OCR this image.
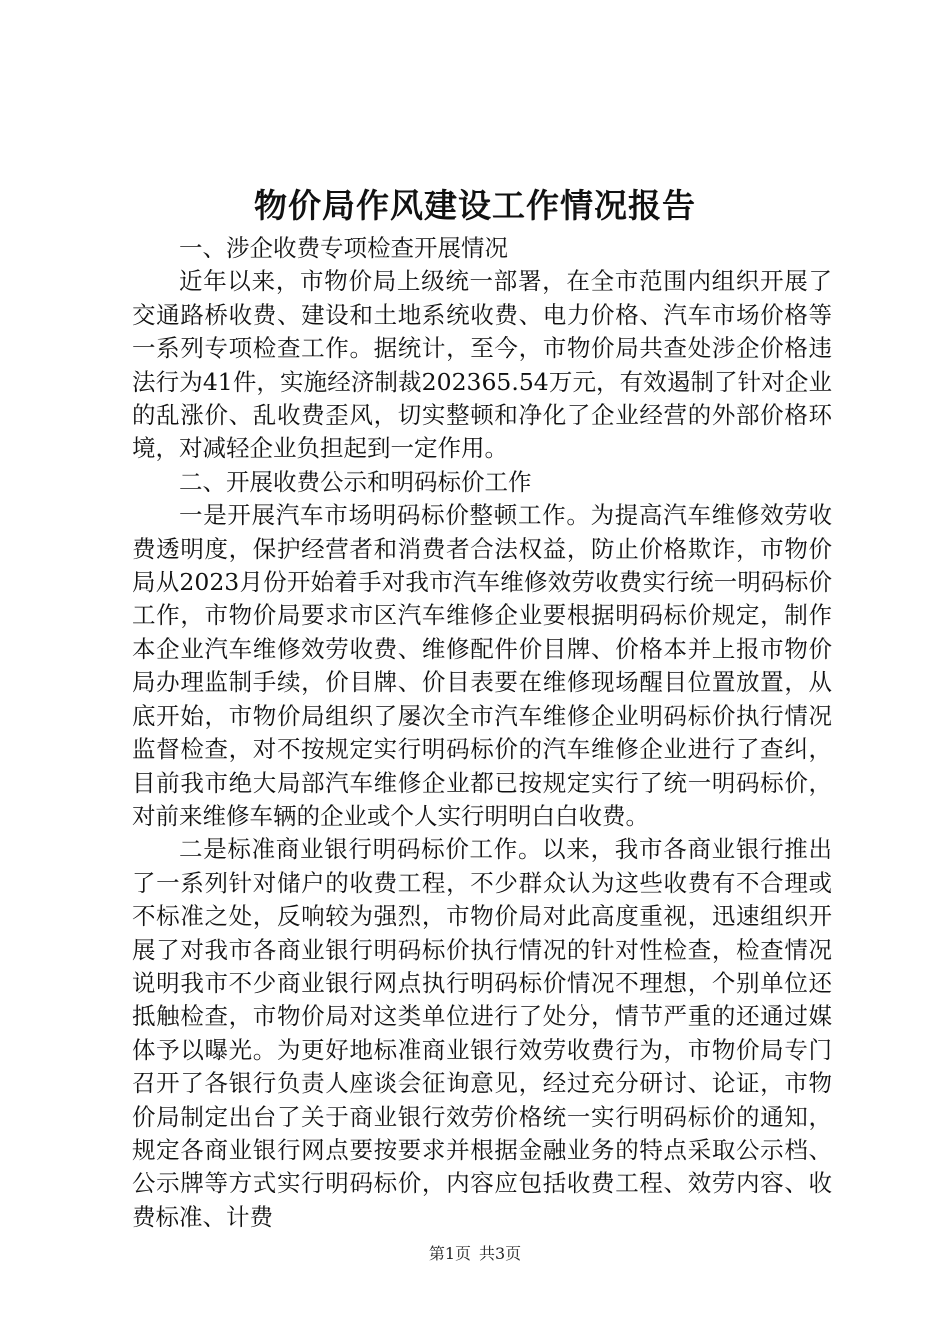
物价局作风建设工作情况报告

一、涉企收费专项检查开展情况

近年以来，市物价局上级统一部署，在全市范围内组织开展了交通路桥收费、建设和土地系统收费、电力价格、汽车市场价格等一系列专项检查工作。据统计，至今，市物价局共查处涉企价格违法行为41件，实施经济制裁202365.54万元，有效遏制了针对企业的乱涨价、乱收费歪风，切实整顿和净化了企业经营的外部价格环境，对减轻企业负担起到一定作用。

二、开展收费公示和明码标价工作

一是开展汽车市场明码标价整顿工作。为提高汽车维修效劳收费透明度，保护经营者和消费者合法权益，防止价格欺诈，市物价局从2023月份开始着手对我市汽车维修效劳收费实行统一明码标价工作，市物价局要求市区汽车维修企业要根据明码标价规定，制作本企业汽车维修效劳收费、维修配件价目牌、价格本并上报市物价局办理监制手续，价目牌、价目表要在维修现场醒目位置放置，从底开始，市物价局组织了屡次全市汽车维修企业明码标价执行情况监督检查，对不按规定实行明码标价的汽车维修企业进行了查纠，目前我市绝大局部汽车维修企业都已按规定实行了统一明码标价，对前来维修车辆的企业或个人实行明明白白收费。

二是标准商业银行明码标价工作。以来，我市各商业银行推出了一系列针对储户的收费工程，不少群众认为这些收费有不合理或不标准之处，反响较为强烈，市物价局对此高度重视，迅速组织开展了对我市各商业银行明码标价执行情况的针对性检查，检查情况说明我市不少商业银行网点执行明码标价情况不理想，个别单位还抵触检查，市物价局对这类单位进行了处分，情节严重的还通过媒体予以曝光。为更好地标准商业银行效劳收费行为，市物价局专门召开了各银行负责人座谈会征询意见，经过充分研讨、论证，市物价局制定出台了关于商业银行效劳价格统一实行明码标价的通知，规定各商业银行网点要按要求并根据金融业务的特点采取公示档、公示牌等方式实行明码标价，内容应包括收费工程、效劳内容、收费标准、计费

第1页 共3页
